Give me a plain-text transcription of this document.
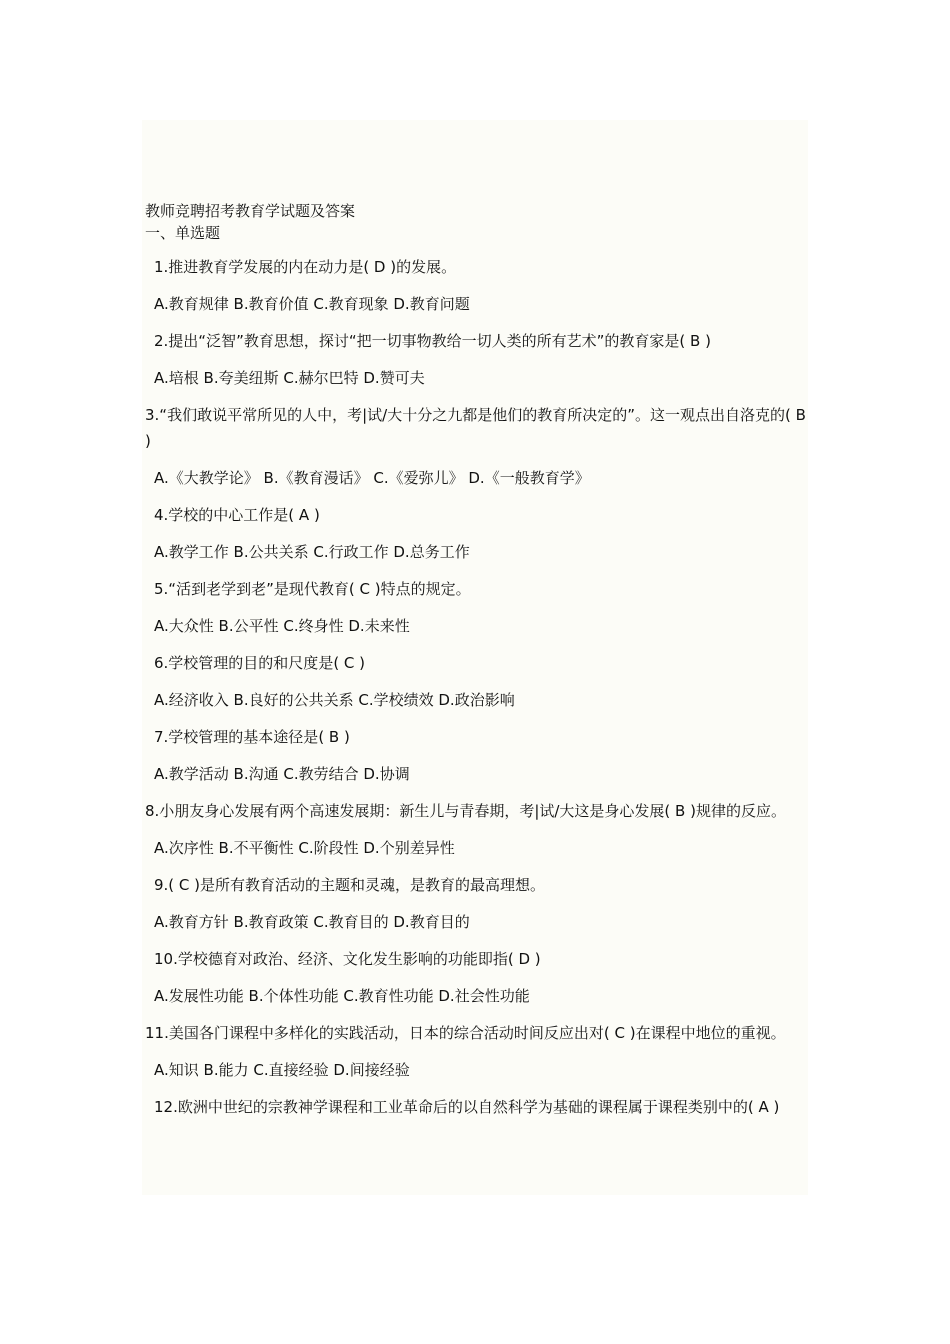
教师竞聘招考教育学试题及答案
一、单选题
1.推进教育学发展的内在动力是( D )的发展。
A.教育规律 B.教育价值 C.教育现象 D.教育问题
2.提出“泛智”教育思想，探讨“把一切事物教给一切人类的所有艺术”的教育家是( B )
A.培根 B.夸美纽斯 C.赫尔巴特 D.赞可夫
3.“我们敢说平常所见的人中，考|试/大十分之九都是他们的教育所决定的”。这一观点出自洛克的( B )
A.《大教学论》 B.《教育漫话》 C.《爱弥儿》 D.《一般教育学》
4.学校的中心工作是( A )
A.教学工作 B.公共关系 C.行政工作 D.总务工作
5.“活到老学到老”是现代教育( C )特点的规定。
A.大众性 B.公平性 C.终身性 D.未来性
6.学校管理的目的和尺度是( C )
A.经济收入 B.良好的公共关系 C.学校绩效 D.政治影响
7.学校管理的基本途径是( B )
A.教学活动 B.沟通 C.教劳结合 D.协调
8.小朋友身心发展有两个高速发展期：新生儿与青春期，考|试/大这是身心发展( B )规律的反应。
A.次序性 B.不平衡性 C.阶段性 D.个别差异性
9.( C )是所有教育活动的主题和灵魂，是教育的最高理想。
A.教育方针 B.教育政策 C.教育目的 D.教育目的
10.学校德育对政治、经济、文化发生影响的功能即指( D )
A.发展性功能 B.个体性功能 C.教育性功能 D.社会性功能
11.美国各门课程中多样化的实践活动，日本的综合活动时间反应出对( C )在课程中地位的重视。
A.知识 B.能力 C.直接经验 D.间接经验
12.欧洲中世纪的宗教神学课程和工业革命后的以自然科学为基础的课程属于课程类别中的( A )
